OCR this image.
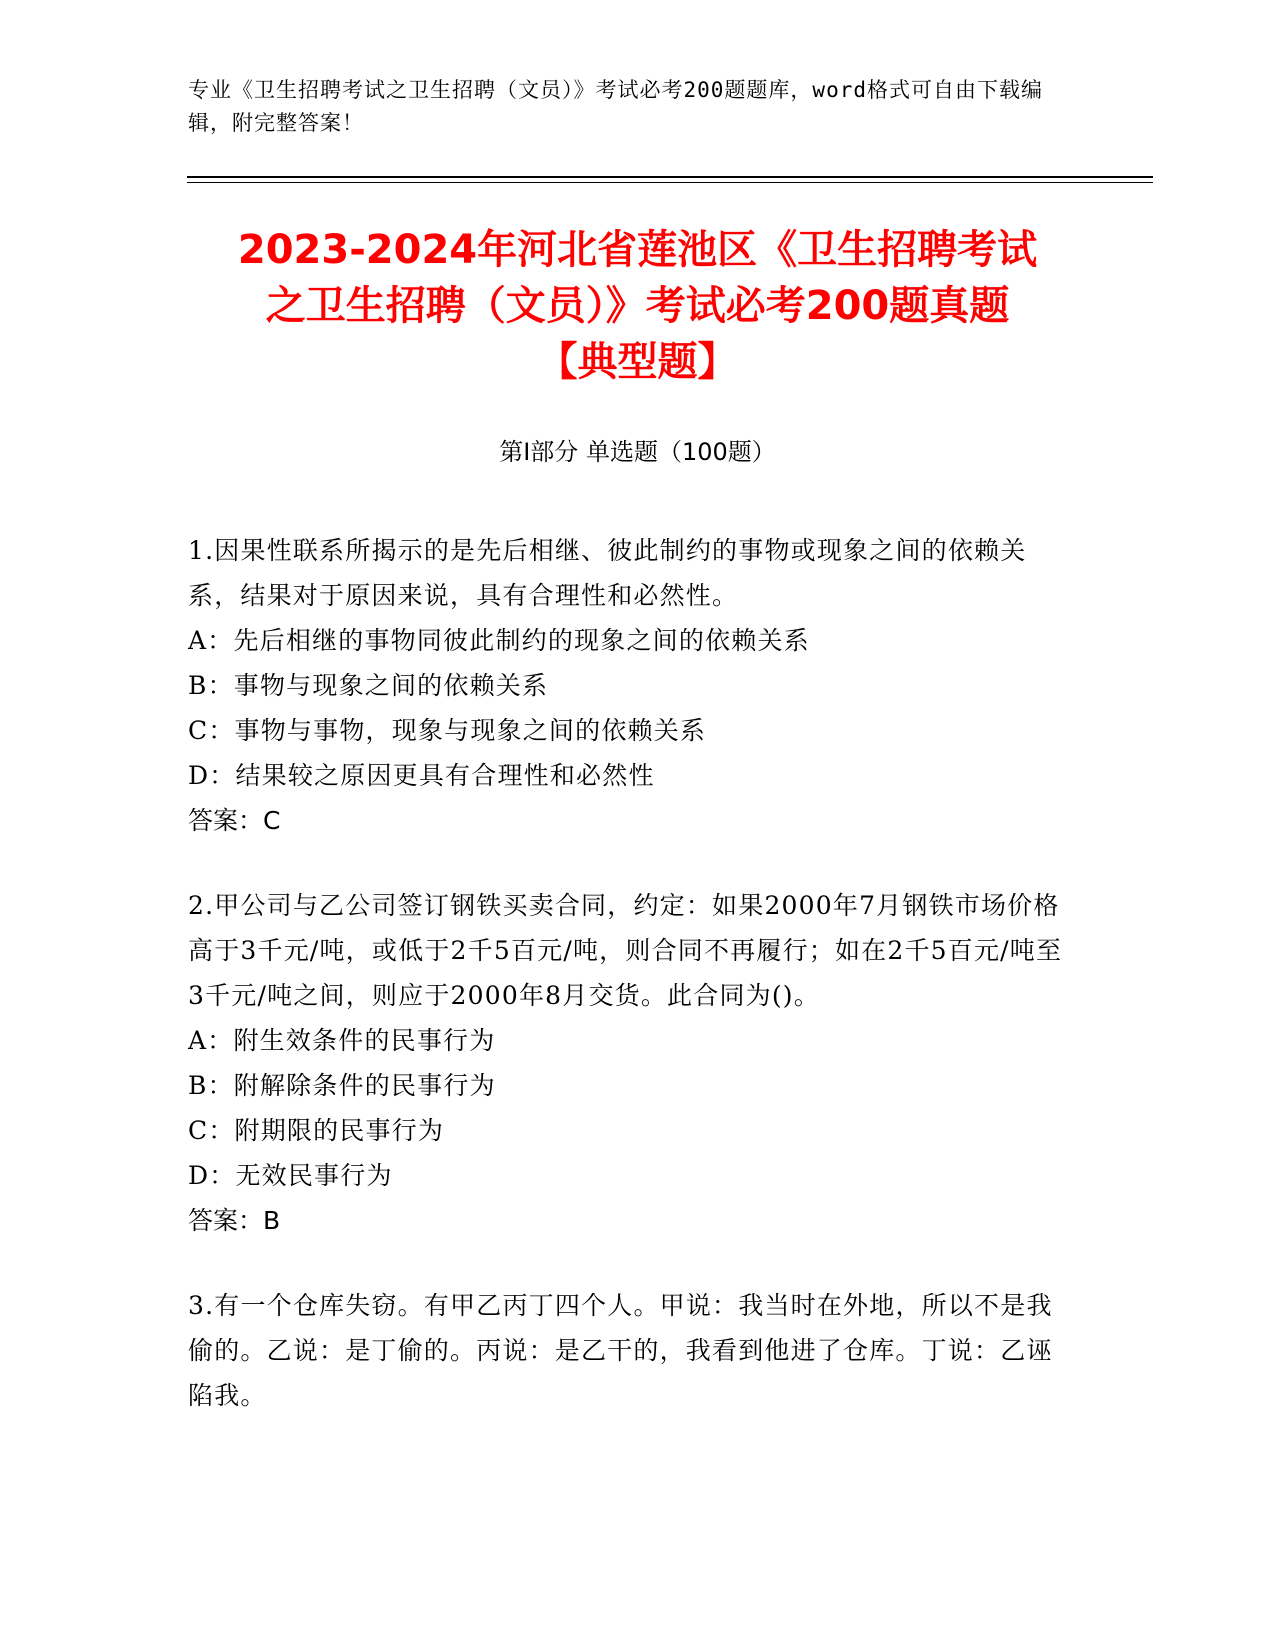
专业《卫生招聘考试之卫生招聘（文员）》考试必考200题题库，word格式可自由下载编辑，附完整答案！
2023-2024年河北省莲池区《卫生招聘考试
之卫生招聘（文员）》考试必考200题真题
【典型题】
第Ⅰ部分 单选题（100题）
1.因果性联系所揭示的是先后相继、彼此制约的事物或现象之间的依赖关系，结果对于原因来说，具有合理性和必然性。
A：先后相继的事物同彼此制约的现象之间的依赖关系
B：事物与现象之间的依赖关系
C：事物与事物，现象与现象之间的依赖关系
D：结果较之原因更具有合理性和必然性
答案：C
2.甲公司与乙公司签订钢铁买卖合同，约定：如果2000年7月钢铁市场价格高于3千元/吨，或低于2千5百元/吨，则合同不再履行；如在2千5百元/吨至3千元/吨之间，则应于2000年8月交货。此合同为()。
A：附生效条件的民事行为
B：附解除条件的民事行为
C：附期限的民事行为
D：无效民事行为
答案：B
3.有一个仓库失窃。有甲乙丙丁四个人。甲说：我当时在外地，所以不是我偷的。乙说：是丁偷的。丙说：是乙干的，我看到他进了仓库。丁说：乙诬陷我。
